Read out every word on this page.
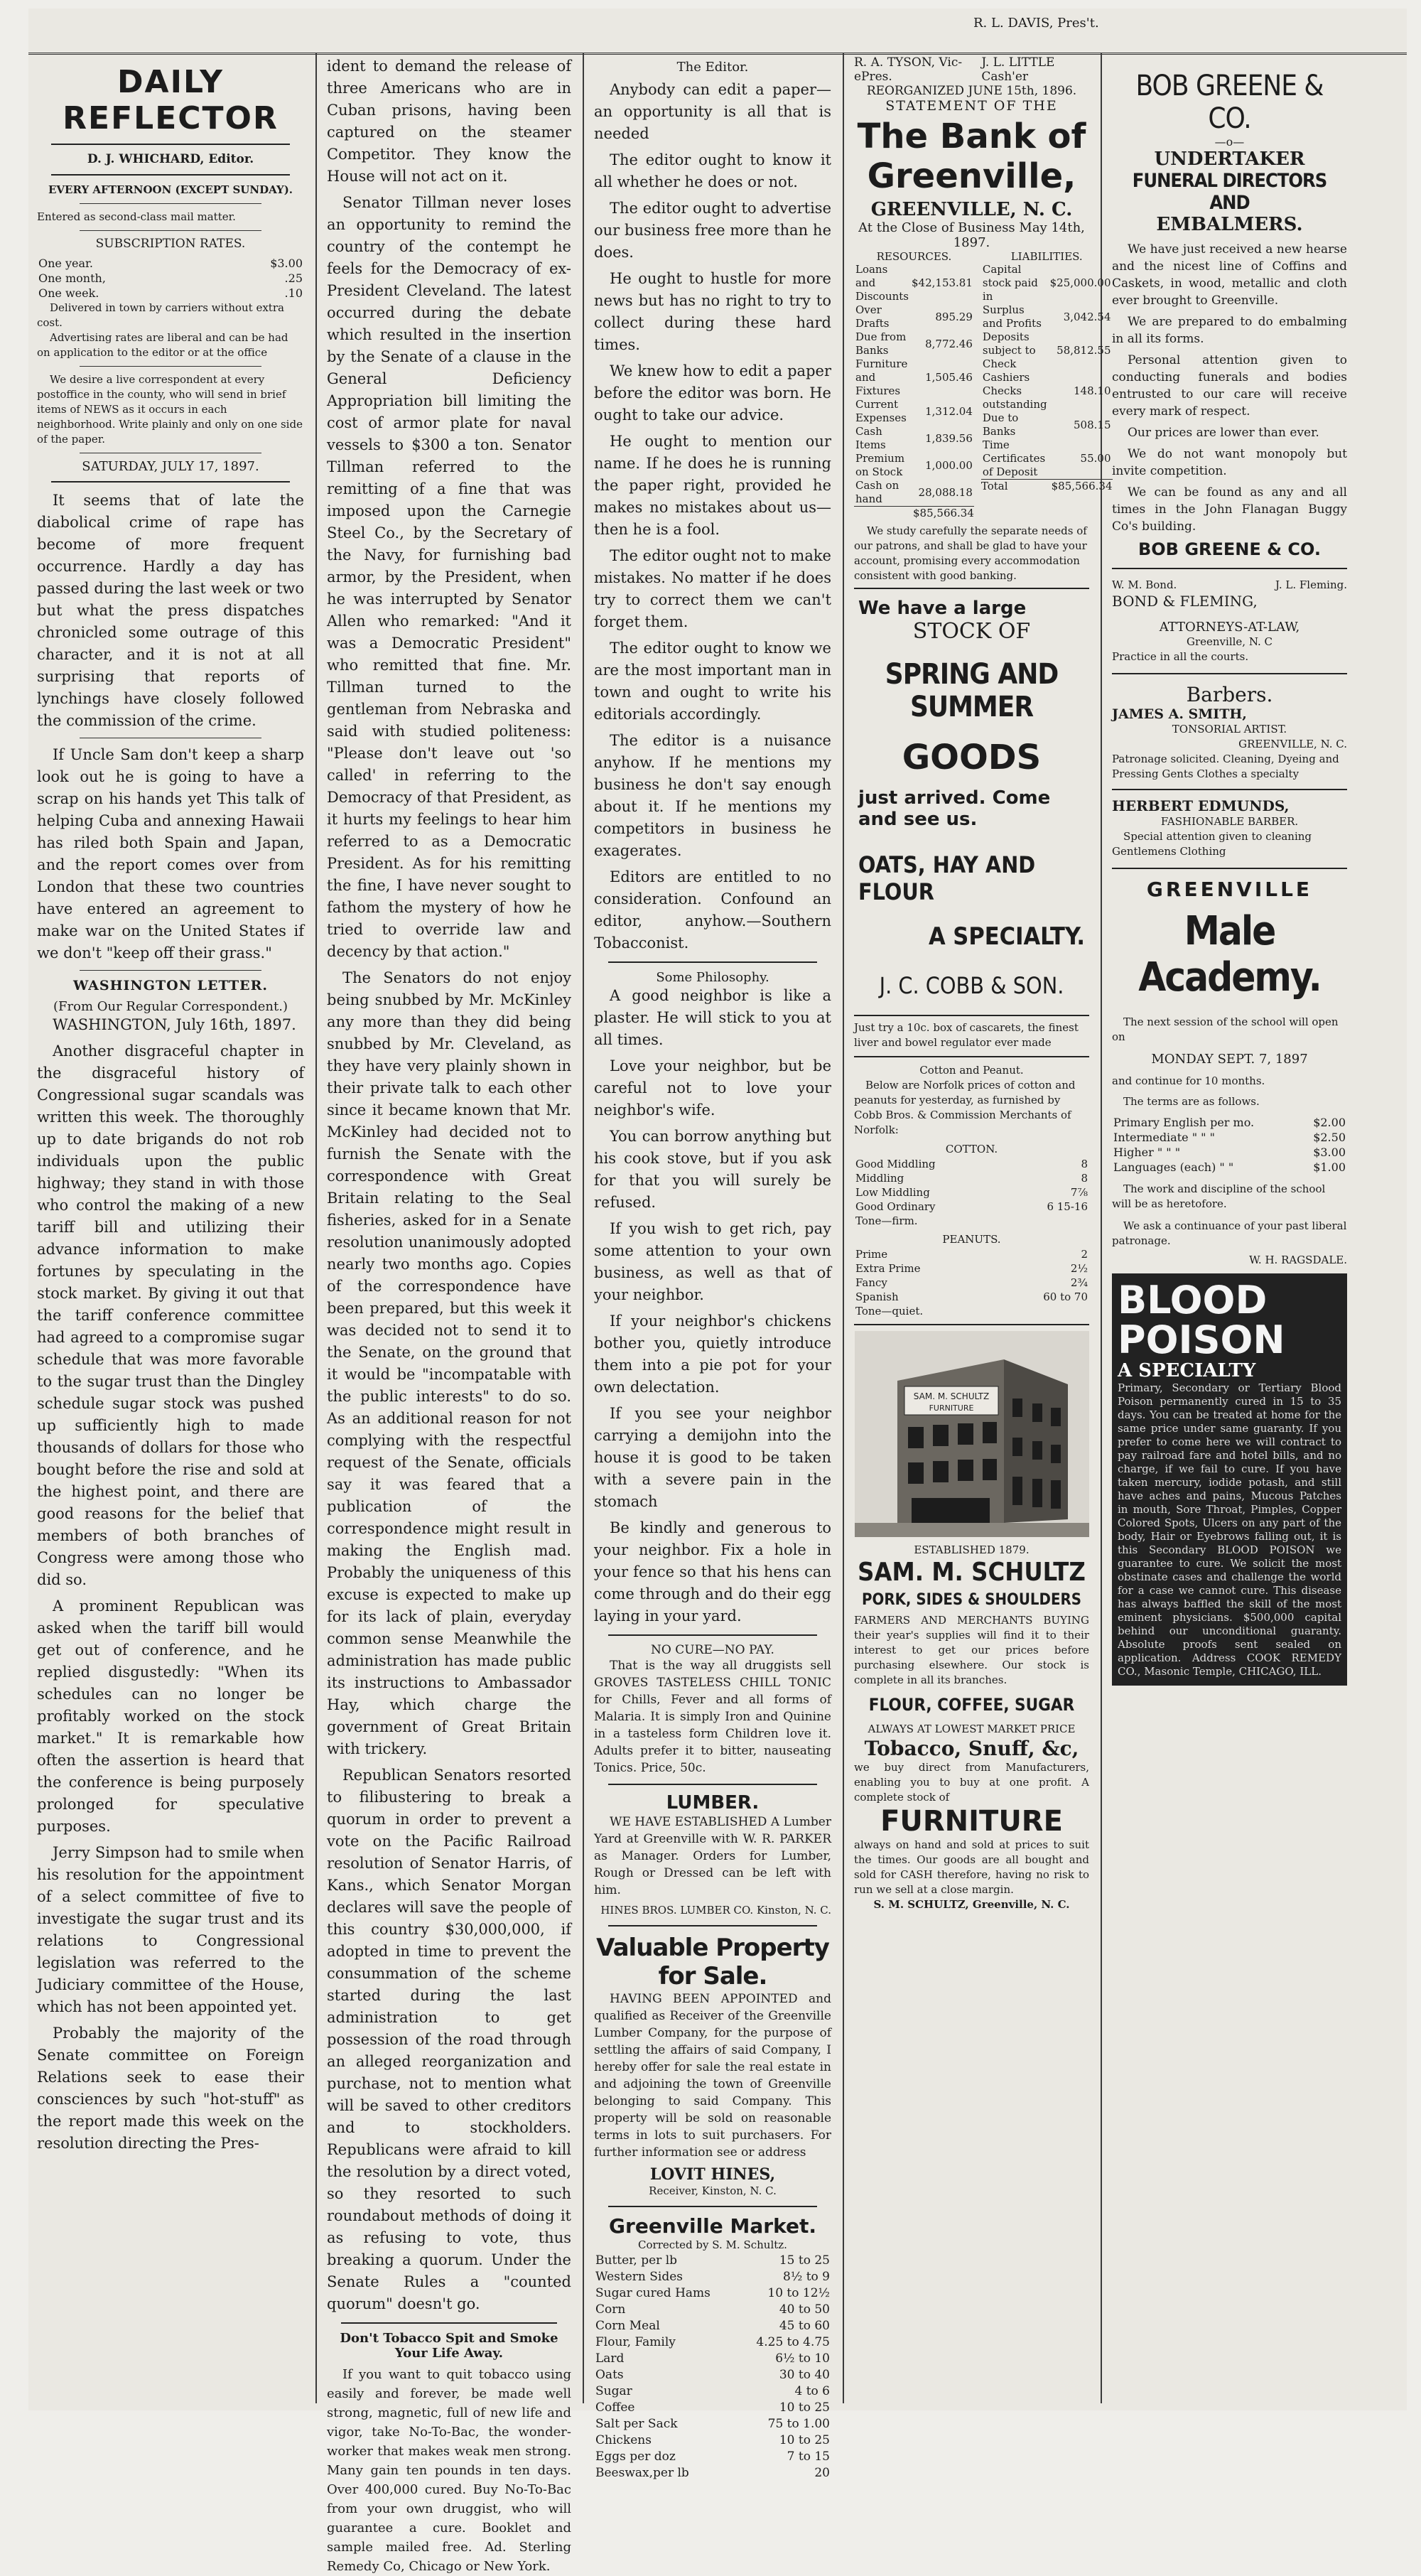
R. L. DAVIS, Pres't.
DAILY REFLECTOR
D. J. WHICHARD, Editor.
EVERY AFTERNOON (EXCEPT SUNDAY).
Entered as second-class mail matter.
SUBSCRIPTION RATES.
One year.	$3.00
One month,	.25
One week.	.10
Delivered in town by carriers without extra cost.
Advertising rates are liberal and can be had on application to the editor or at the office
We desire a live correspondent at every postoffice in the county, who will send in brief items of NEWS as it occurs in each neighborhood. Write plainly and only on one side of the paper.
SATURDAY, JULY 17, 1897.

It seems that of late the diabolical crime of rape has become of more frequent occurrence. Hardly a day has passed during the last week or two but what the press dispatches chronicled some outrage of this character, and it is not at all surprising that reports of lynchings have closely followed the commission of the crime.

If Uncle Sam don't keep a sharp look out he is going to have a scrap on his hands yet This talk of helping Cuba and annexing Hawaii has riled both Spain and Japan, and the report comes over from London that these two countries have entered an agreement to make war on the United States if we don't "keep off their grass."

WASHINGTON LETTER.
(From Our Regular Correspondent.)

WASHINGTON, July 16th, 1897.

Another disgraceful chapter in the disgraceful history of Congressional sugar scandals was written this week. The thoroughly up to date brigands do not rob individuals upon the public highway; they stand in with those who control the making of a new tariff bill and utilizing their advance information to make fortunes by speculating in the stock market. By giving it out that the tariff conference committee had agreed to a compromise sugar schedule that was more favorable to the sugar trust than the Dingley schedule sugar stock was pushed up sufficiently high to made thousands of dollars for those who bought before the rise and sold at the highest point, and there are good reasons for the belief that members of both branches of Congress were among those who did so.

A prominent Republican was asked when the tariff bill would get out of conference, and he replied disgustedly: "When its schedules can no longer be profitably worked on the stock market." It is remarkable how often the assertion is heard that the conference is being purposely prolonged for speculative purposes.

Jerry Simpson had to smile when his resolution for the appointment of a select committee of five to investigate the sugar trust and its relations to Congressional legislation was referred to the Judiciary committee of the House, which has not been appointed yet.

Probably the majority of the Senate committee on Foreign Relations seek to ease their consciences by such "hot-stuff" as the report made this week on the resolution directing the Pres-

ident to demand the release of three Americans who are in Cuban prisons, having been captured on the steamer Competitor. They know the House will not act on it.

Senator Tillman never loses an opportunity to remind the country of the contempt he feels for the Democracy of ex-President Cleveland. The latest occurred during the debate which resulted in the insertion by the Senate of a clause in the General Deficiency Appropriation bill limiting the cost of armor plate for naval vessels to $300 a ton. Senator Tillman referred to the remitting of a fine that was imposed upon the Carnegie Steel Co., by the Secretary of the Navy, for furnishing bad armor, by the President, when he was interrupted by Senator Allen who remarked: "And it was a Democratic President" who remitted that fine. Mr. Tillman turned to the gentleman from Nebraska and said with studied politeness: "Please don't leave out 'so called' in referring to the Democracy of that President, as it hurts my feelings to hear him referred to as a Democratic President. As for his remitting the fine, I have never sought to fathom the mystery of how he tried to override law and decency by that action."

The Senators do not enjoy being snubbed by Mr. McKinley any more than they did being snubbed by Mr. Cleveland, as they have very plainly shown in their private talk to each other since it became known that Mr. McKinley had decided not to furnish the Senate with the correspondence with Great Britain relating to the Seal fisheries, asked for in a Senate resolution unanimously adopted nearly two months ago. Copies of the correspondence have been prepared, but this week it was decided not to send it to the Senate, on the ground that it would be "incompatable with the public interests" to do so. As an additional reason for not complying with the respectful request of the Senate, officials say it was feared that a publication of the correspondence might result in making the English mad. Probably the uniqueness of this excuse is expected to make up for its lack of plain, everyday common sense Meanwhile the administration has made public its instructions to Ambassador Hay, which charge the government of Great Britain with trickery.

Republican Senators resorted to filibustering to break a quorum in order to prevent a vote on the Pacific Railroad resolution of Senator Harris, of Kans., which Senator Morgan declares will save the people of this country $30,000,000, if adopted in time to prevent the consummation of the scheme started during the last administration to get possession of the road through an alleged reorganization and purchase, not to mention what will be saved to other creditors and to stockholders. Republicans were afraid to kill the resolution by a direct voted, so they resorted to such roundabout methods of doing it as refusing to vote, thus breaking a quorum. Under the Senate Rules a "counted quorum" doesn't go.

Don't Tobacco Spit and Smoke Your Life Away.

If you want to quit tobacco using easily and forever, be made well strong, magnetic, full of new life and vigor, take No-To-Bac, the wonder-worker that makes weak men strong. Many gain ten pounds in ten days. Over 400,000 cured. Buy No-To-Bac from your own druggist, who will guarantee a cure. Booklet and sample mailed free. Ad. Sterling Remedy Co, Chicago or New York.

The Editor.

Anybody can edit a paper—an opportunity is all that is needed

The editor ought to know it all whether he does or not.

The editor ought to advertise our business free more than he does.

He ought to hustle for more news but has no right to try to collect during these hard times.

We knew how to edit a paper before the editor was born. He ought to take our advice.

He ought to mention our name. If he does he is running the paper right, provided he makes no mistakes about us—then he is a fool.

The editor ought not to make mistakes. No matter if he does try to correct them we can't forget them.

The editor ought to know we are the most important man in town and ought to write his editorials accordingly.

The editor is a nuisance anyhow. If he mentions my business he don't say enough about it. If he mentions my competitors in business he exagerates.

Editors are entitled to no consideration. Confound an editor, anyhow.—Southern Tobacconist.

Some Philosophy.

A good neighbor is like a plaster. He will stick to you at all times.

Love your neighbor, but be careful not to love your neighbor's wife.

You can borrow anything but his cook stove, but if you ask for that you will surely be refused.

If you wish to get rich, pay some attention to your own business, as well as that of your neighbor.

If your neighbor's chickens bother you, quietly introduce them into a pie pot for your own delectation.

If you see your neighbor carrying a demijohn into the house it is good to be taken with a severe pain in the stomach

Be kindly and generous to your neighbor. Fix a hole in your fence so that his hens can come through and do their egg laying in your yard.

NO CURE—NO PAY.

That is the way all druggists sell GROVES TASTELESS CHILL TONIC for Chills, Fever and all forms of Malaria. It is simply Iron and Quinine in a tasteless form Children love it. Adults prefer it to bitter, nauseating Tonics. Price, 50c.

LUMBER.

WE HAVE ESTABLISHED A Lumber Yard at Greenville with W. R. PARKER as Manager. Orders for Lumber, Rough or Dressed can be left with him.

HINES BROS. LUMBER CO. Kinston, N. C.
Valuable Property for Sale.

HAVING BEEN APPOINTED and qualified as Receiver of the Greenville Lumber Company, for the purpose of settling the affairs of said Company, I hereby offer for sale the real estate in and adjoining the town of Greenville belonging to said Company. This property will be sold on reasonable terms in lots to suit purchasers. For further information see or address

LOVIT HINES,
Receiver, Kinston, N. C.
Greenville Market.
Corrected by S. M. Schultz.
Butter, per lb	15 to 25
Western Sides	8½ to 9
Sugar cured Hams	10 to 12½
Corn	40 to 50
Corn Meal	45 to 60
Flour, Family	4.25 to 4.75
Lard	6½ to 10
Oats	30 to 40
Sugar	4 to 6
Coffee	10 to 25
Salt per Sack	75 to 1.00
Chickens	10 to 25
Eggs per doz	7 to 15
Beeswax,per lb	20
R. A. TYSON, Vic-ePres.
J. L. LITTLE Cash'er
REORGANIZED JUNE 15th, 1896.
STATEMENT OF THE
The Bank of Greenville,
GREENVILLE, N. C.
At the Close of Business May 14th, 1897.
RESOURCES.
Loans and Discounts	$42,153.81
Over Drafts	895.29
Due from Banks	8,772.46
Furniture and Fixtures	1,505.46
Current Expenses	1,312.04
Cash Items	1,839.56
Premium on Stock	1,000.00
Cash on hand	28,088.18
$85,566.34
LIABILITIES.
Capital stock paid in	$25,000.00
Surplus and Profits	3,042.54
Deposits subject to Check	58,812.55
Cashiers Checks outstanding	148.10
Due to Banks	508.15
Time Certificates of Deposit	55.00
Total	$85,566.34
We study carefully the separate needs of our patrons, and shall be glad to have your account, promising every accommodation consistent with good banking.
We have a large
STOCK OF
SPRING AND SUMMER
GOODS
just arrived. Come and see us.
OATS, HAY AND FLOUR
A SPECIALTY.
J. C. COBB & SON.
Just try a 10c. box of cascarets, the finest liver and bowel regulator ever made
Cotton and Peanut.
Below are Norfolk prices of cotton and peanuts for yesterday, as furnished by Cobb Bros. & Commission Merchants of Norfolk:
COTTON.
Good Middling	8
Middling	8
Low Middling	7⅞
Good Ordinary	6 15-16
Tone—firm.	
PEANUTS.
Prime	2
Extra Prime	2½
Fancy	2¾
Spanish	60 to 70
Tone—quiet.	
SAM. M. SCHULTZ
FURNITURE
ESTABLISHED 1879.
SAM. M. SCHULTZ
PORK, SIDES & SHOULDERS
FARMERS AND MERCHANTS BUYING their year's supplies will find it to their interest to get our prices before purchasing elsewhere. Our stock is complete in all its branches.
FLOUR, COFFEE, SUGAR
ALWAYS AT LOWEST MARKET PRICE
Tobacco, Snuff, &c,
we buy direct from Manufacturers, enabling you to buy at one profit. A complete stock of
FURNITURE
always on hand and sold at prices to suit the times. Our goods are all bought and sold for CASH therefore, having no risk to run we sell at a close margin.
S. M. SCHULTZ, Greenville, N. C.
BOB GREENE & CO.
—o—
UNDERTAKER
FUNERAL DIRECTORS AND
EMBALMERS.

We have just received a new hearse and the nicest line of Coffins and Caskets, in wood, metallic and cloth ever brought to Greenville.

We are prepared to do embalming in all its forms.

Personal attention given to conducting funerals and bodies entrusted to our care will receive every mark of respect.

Our prices are lower than ever.

We do not want monopoly but invite competition.

We can be found as any and all times in the John Flanagan Buggy Co's building.

BOB GREENE & CO.
W. M. Bond.	J. L. Fleming.
BOND & FLEMING,
ATTORNEYS-AT-LAW,
Greenville, N. C
Practice in all the courts.
Barbers.
JAMES A. SMITH,
TONSORIAL ARTIST.
GREENVILLE, N. C.
Patronage solicited. Cleaning, Dyeing and Pressing Gents Clothes a specialty
HERBERT EDMUNDS,
FASHIONABLE BARBER.
Special attention given to cleaning Gentlemens Clothing
GREENVILLE
Male Academy.
The next session of the school will open on
MONDAY SEPT. 7, 1897
and continue for 10 months.
The terms are as follows.
Primary English per mo.	$2.00
Intermediate " " "	$2.50
Higher " " "	$3.00
Languages (each) " "	$1.00
The work and discipline of the school will be as heretofore.
We ask a continuance of your past liberal patronage.
W. H. RAGSDALE.
BLOOD POISON
A SPECIALTY
Primary, Secondary or Tertiary Blood Poison permanently cured in 15 to 35 days. You can be treated at home for the same price under same guaranty. If you prefer to come here we will contract to pay railroad fare and hotel bills, and no charge, if we fail to cure. If you have taken mercury, iodide potash, and still have aches and pains, Mucous Patches in mouth, Sore Throat, Pimples, Copper Colored Spots, Ulcers on any part of the body, Hair or Eyebrows falling out, it is this Secondary BLOOD POISON we guarantee to cure. We solicit the most obstinate cases and challenge the world for a case we cannot cure. This disease has always baffled the skill of the most eminent physicians. $500,000 capital behind our unconditional guaranty. Absolute proofs sent sealed on application. Address COOK REMEDY CO., Masonic Temple, CHICAGO, ILL.
